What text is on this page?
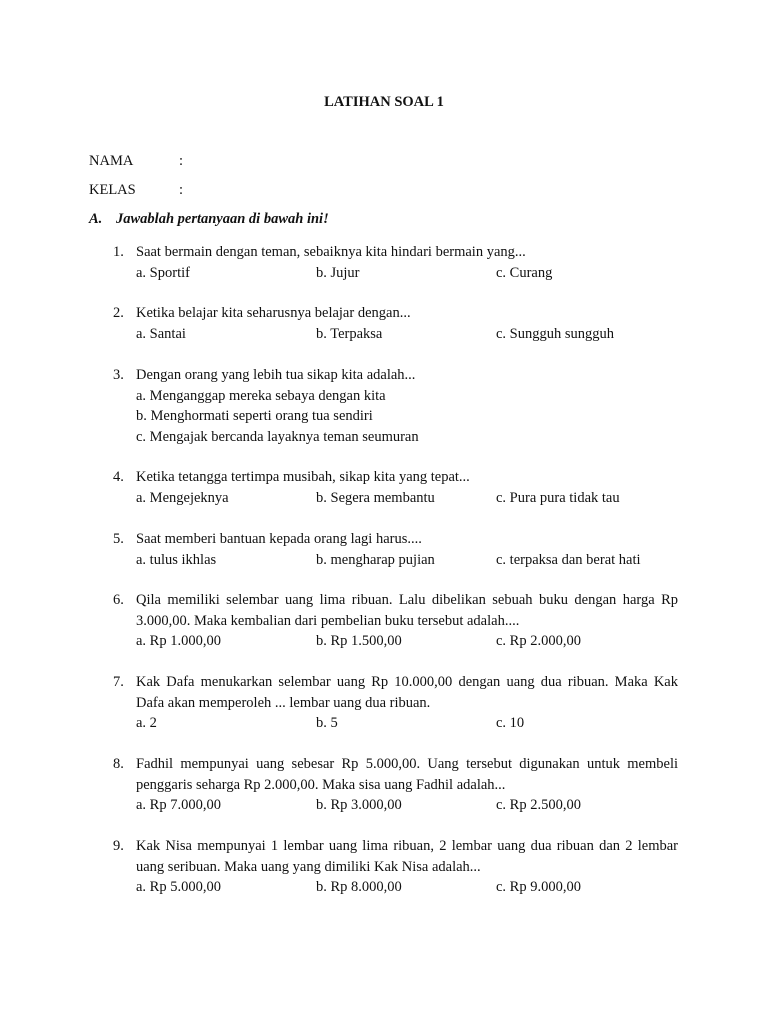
LATIHAN SOAL 1
NAMA	:
KELAS	:
A. Jawablah pertanyaan di bawah ini!
1. Saat bermain dengan teman, sebaiknya kita hindari bermain yang...
a. Sportif	b. Jujur	c. Curang
2. Ketika belajar kita seharusnya belajar dengan...
a. Santai	b. Terpaksa	c. Sungguh sungguh
3. Dengan orang yang lebih tua sikap kita adalah...
a. Menganggap mereka sebaya dengan kita
b. Menghormati seperti orang tua sendiri
c. Mengajak bercanda layaknya teman seumuran
4. Ketika tetangga tertimpa musibah, sikap kita yang tepat...
a. Mengejeknya	b. Segera membantu	c. Pura pura tidak tau
5. Saat memberi bantuan kepada orang lagi harus....
a. tulus ikhlas	b. mengharap pujian	c. terpaksa dan berat hati
6. Qila memiliki selembar uang lima ribuan. Lalu dibelikan sebuah buku dengan harga Rp 3.000,00. Maka kembalian dari pembelian buku tersebut adalah....
a. Rp 1.000,00	b. Rp 1.500,00	c. Rp 2.000,00
7. Kak Dafa menukarkan selembar uang Rp 10.000,00 dengan uang dua ribuan. Maka Kak Dafa akan memperoleh ... lembar uang dua ribuan.
a. 2	b. 5	c. 10
8. Fadhil mempunyai uang sebesar Rp 5.000,00. Uang tersebut digunakan untuk membeli penggaris seharga Rp 2.000,00. Maka sisa uang Fadhil adalah...
a. Rp 7.000,00	b. Rp 3.000,00	c. Rp 2.500,00
9. Kak Nisa mempunyai 1 lembar uang lima ribuan, 2 lembar uang dua ribuan dan 2 lembar uang seribuan. Maka uang yang dimiliki Kak Nisa adalah...
a. Rp 5.000,00	b. Rp 8.000,00	c. Rp 9.000,00
